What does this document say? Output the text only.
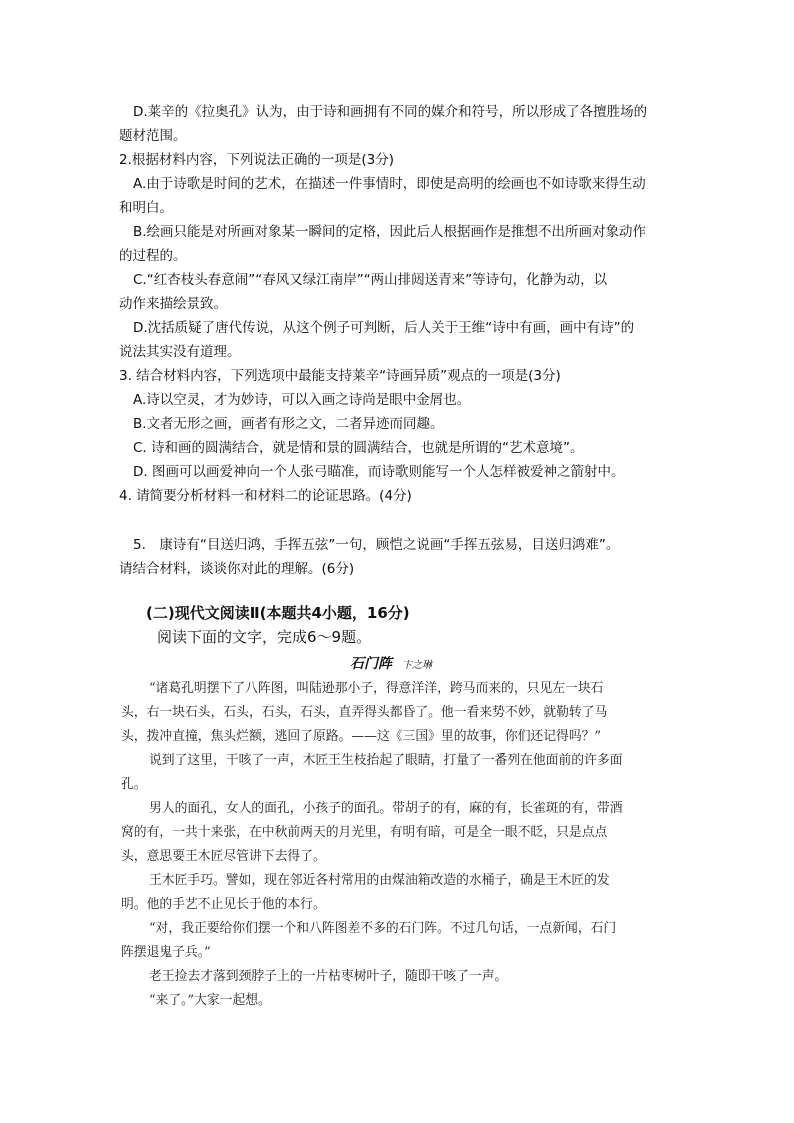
D.莱辛的《拉奥孔》认为，由于诗和画拥有不同的媒介和符号，所以形成了各擅胜场的
题材范围。
2.根据材料内容，下列说法正确的一项是(3分)
A.由于诗歌是时间的艺术，在描述一件事情时，即使是高明的绘画也不如诗歌来得生动
和明白。
B.绘画只能是对所画对象某一瞬间的定格，因此后人根据画作是推想不出所画对象动作
的过程的。
C.“红杏枝头春意闹”“春风又绿江南岸”“两山排闼送青来”等诗句，化静为动，以
动作来描绘景致。
D.沈括质疑了唐代传说，从这个例子可判断，后人关于王维“诗中有画，画中有诗”的
说法其实没有道理。
3. 结合材料内容，下列选项中最能支持莱辛“诗画异质”观点的一项是(3分)
A.诗以空灵，才为妙诗，可以入画之诗尚是眼中金屑也。
B.文者无形之画，画者有形之文，二者异迹而同趣。
C. 诗和画的圆满结合，就是情和景的圆满结合，也就是所谓的“艺术意境”。
D. 图画可以画爱神向一个人张弓瞄准，而诗歌则能写一个人怎样被爱神之箭射中。
4. 请简要分析材料一和材料二的论证思路。(4分)
5.　康诗有“目送归鸿，手挥五弦”一句，顾恺之说画“手挥五弦易，目送归鸿难”。
请结合材料，谈谈你对此的理解。(6分)
(二)现代文阅读Ⅱ(本题共4小题，16分)
阅读下面的文字，完成6～9题。
石门阵 卞之琳
“诸葛孔明摆下了八阵图，叫陆逊那小子，得意洋洋，跨马而来的，只见左一块石
头，右一块石头，石头，石头，石头，直弄得头都昏了。他一看来势不妙，就勒转了马
头，拨冲直撞，焦头烂额，逃回了原路。——这《三国》里的故事，你们还记得吗？”
说到了这里，干咳了一声，木匠王生枝抬起了眼睛，打量了一番列在他面前的许多面
孔。
男人的面孔，女人的面孔，小孩子的面孔。带胡子的有，麻的有，长雀斑的有，带酒
窝的有，一共十来张，在中秋前两天的月光里，有明有暗，可是全一眼不眨，只是点点
头，意思要王木匠尽管讲下去得了。
王木匠手巧。譬如，现在邻近各村常用的由煤油箱改造的水桶子，确是王木匠的发
明。他的手艺不止见长于他的本行。
“对，我正要给你们摆一个和八阵图差不多的石门阵。不过几句话，一点新闻，石门
阵摆退鬼子兵。”
老王捡去才落到颈脖子上的一片枯枣树叶子，随即干咳了一声。
“来了。”大家一起想。
